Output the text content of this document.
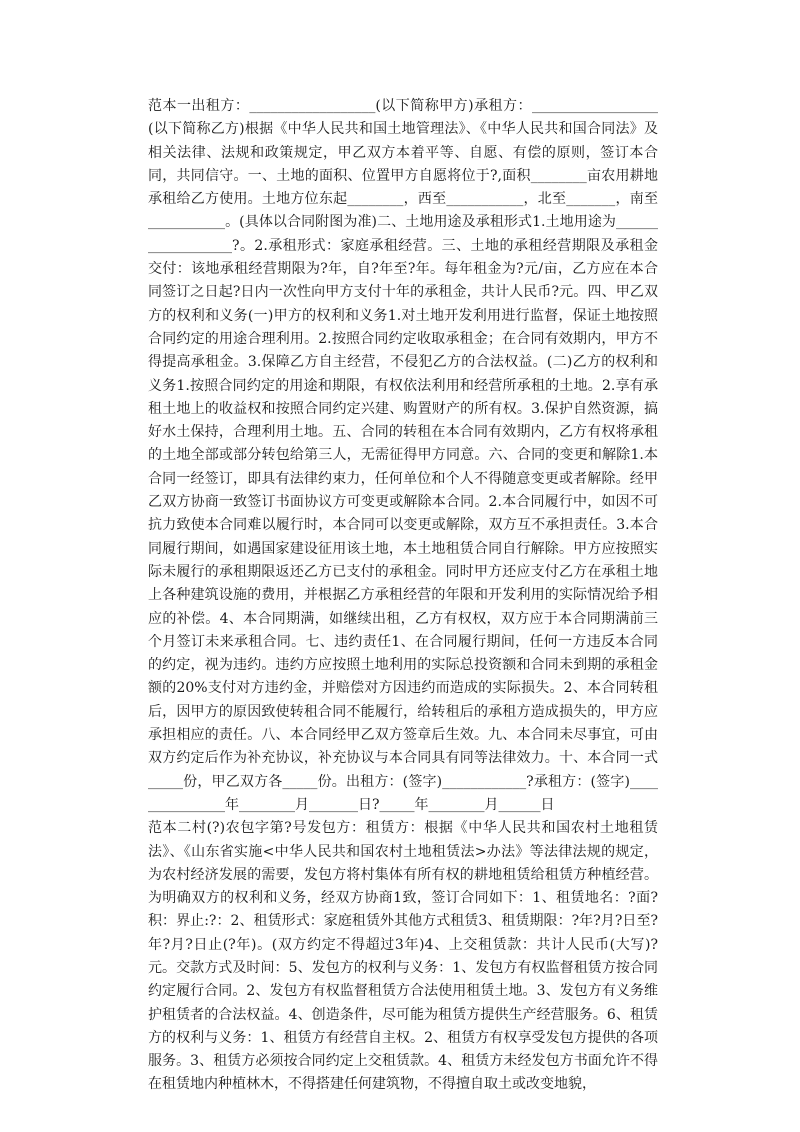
范本一出租方：__________________(以下简称甲方)承租方：__________________(以下简称乙方)根据《中华人民共和国土地管理法》、《中华人民共和国合同法》及相关法律、法规和政策规定，甲乙双方本着平等、自愿、有偿的原则，签订本合同，共同信守。一、土地的面积、位置甲方自愿将位于?,面积________亩农用耕地承租给乙方使用。土地方位东起________，西至___________，北至_______，南至___________。(具体以合同附图为准)二、土地用途及承租形式1.土地用途为__________________?。2.承租形式：家庭承租经营。三、土地的承租经营期限及承租金交付：该地承租经营期限为?年，自?年至?年。每年租金为?元/亩，乙方应在本合同签订之日起?日内一次性向甲方支付十年的承租金，共计人民币?元。四、甲乙双方的权利和义务(一)甲方的权利和义务1.对土地开发利用进行监督，保证土地按照合同约定的用途合理利用。2.按照合同约定收取承租金；在合同有效期内，甲方不得提高承租金。3.保障乙方自主经营，不侵犯乙方的合法权益。(二)乙方的权利和义务1.按照合同约定的用途和期限，有权依法利用和经营所承租的土地。2.享有承租土地上的收益权和按照合同约定兴建、购置财产的所有权。3.保护自然资源，搞好水土保持，合理利用土地。五、合同的转租在本合同有效期内，乙方有权将承租的土地全部或部分转包给第三人，无需征得甲方同意。六、合同的变更和解除1.本合同一经签订，即具有法律约束力，任何单位和个人不得随意变更或者解除。经甲乙双方协商一致签订书面协议方可变更或解除本合同。2.本合同履行中，如因不可抗力致使本合同难以履行时，本合同可以变更或解除，双方互不承担责任。3.本合同履行期间，如遇国家建设征用该土地，本土地租赁合同自行解除。甲方应按照实际未履行的承租期限返还乙方已支付的承租金。同时甲方还应支付乙方在承租土地上各种建筑设施的费用，并根据乙方承租经营的年限和开发利用的实际情况给予相应的补偿。4、本合同期满，如继续出租，乙方有权权，双方应于本合同期满前三个月签订未来承租合同。七、违约责任1、在合同履行期间，任何一方违反本合同的约定，视为违约。违约方应按照土地利用的实际总投资额和合同未到期的承租金额的20%支付对方违约金，并赔偿对方因违约而造成的实际损失。2、本合同转租后，因甲方的原因致使转租合同不能履行，给转租后的承租方造成损失的，甲方应承担相应的责任。八、本合同经甲乙双方签章后生效。九、本合同未尽事宜，可由双方约定后作为补充协议，补充协议与本合同具有同等法律效力。十、本合同一式_____份，甲乙双方各_____份。出租方：(签字)____________?承租方：(签字)_______________年________月_______日?_____年________月______日

范本二村(?)农包字第?号发包方：租赁方：根据《中华人民共和国农村土地租赁法》、《山东省实施<中华人民共和国农村土地租赁法>办法》等法律法规的规定，为农村经济发展的需要，发包方将村集体有所有权的耕地租赁给租赁方种植经营。为明确双方的权利和义务，经双方协商1致，签订合同如下：1、租赁地名：?面?积：界止:?：2、租赁形式：家庭租赁外其他方式租赁3、租赁期限：?年?月?日至?年?月?日止(?年)。(双方约定不得超过3年)4、上交租赁款：共计人民币(大写)?元。交款方式及时间：5、发包方的权利与义务：1、发包方有权监督租赁方按合同约定履行合同。2、发包方有权监督租赁方合法使用租赁土地。3、发包方有义务维护租赁者的合法权益。4、创造条件，尽可能为租赁方提供生产经营服务。6、租赁方的权利与义务：1、租赁方有经营自主权。2、租赁方有权享受发包方提供的各项服务。3、租赁方必须按合同约定上交租赁款。4、租赁方未经发包方书面允许不得在租赁地内种植林木，不得搭建任何建筑物，不得擅自取土或改变地貌，
